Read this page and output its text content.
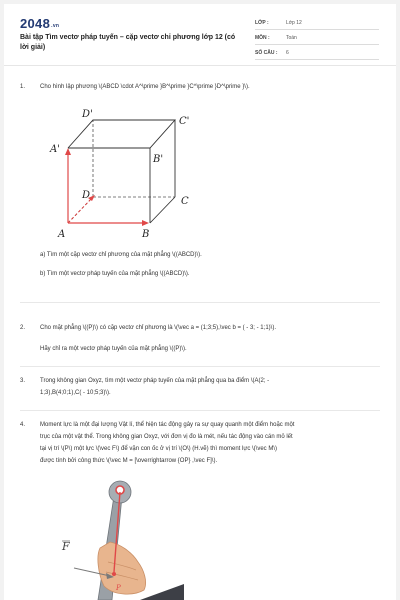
2048.vn
Bài tập Tìm vectơ pháp tuyến – cặp vectơ chỉ phương lớp 12 (có lời giải)
LỚP :	Lớp 12
MÔN :	Toán
SỐ CÂU : 6
1. Cho hình lập phương \(ABCD \cdot A^\prime }B^\prime }C^\prime }D^\prime }\).
D'
C'
A'
B'
D
C
A	B
a) Tìm một cặp vectơ chỉ phương của mặt phẳng \((ABCD)\).
b) Tìm một vectơ pháp tuyến của mặt phẳng \((ABCD)\).
2. Cho mặt phẳng \((P)\) có cặp vectơ chỉ phương là \(\vec a = (1;3;5),\vec b = ( - 3; - 1;1)\).
Hãy chỉ ra một vectơ pháp tuyến của mặt phẳng \((P)\).
3. Trong không gian Oxyz, tìm một vectơ pháp tuyến của mặt phẳng qua ba điểm \(A(2; -
1;3),B(4;0;1),C( - 10;5;3)\).
4. Moment lực là một đại lượng Vật lí, thể hiện tác động gây ra sự quay quanh một điểm hoặc một
trục của một vật thể. Trong không gian Oxyz, với đơn vị đo là mét, nếu tác động vào cán mỏ lết
tại vị trí \(P\) một lực \(\vec F\) để vặn con ốc ở vị trí \(O\) (H.vẽ) thì moment lực \(\vec M\)
được tính bởi công thức \(\vec M = [\overrightarrow {OP} ,\vec F]\).
F
P
